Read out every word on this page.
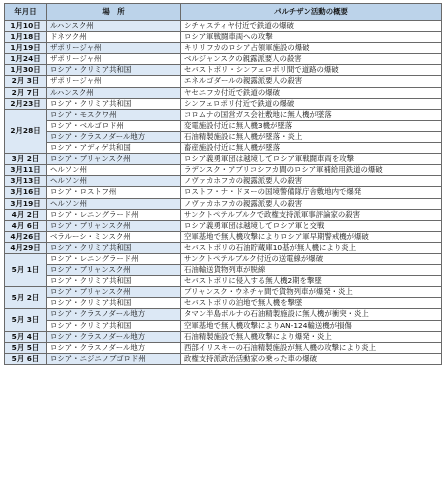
年月日	場　所	パルチザン活動の概要
1月10日	ルハンスク州	シチャスティヤ付近で鉄道の爆破
1月18日	ドネツク州	ロシア軍戦闘車両への攻撃
1月19日	ザポリージャ州	キリリフカのロシア占領軍施設の爆破
1月24日	ザポリージャ州	ベルジャンスクの親露派要人の殺害
1月30日	ロシア・クリミア共和国	セバストポリ・シンフェロポリ間で道路の爆破
2月 3日	ザポリージャ州	エネルゴダールの親露派要人の殺害
2月 7日	ルハンスク州	ヤセニフカ付近で鉄道の爆破
2月23日	ロシア・クリミア共和国	シンフェロポリ付近で鉄道の爆破
2月28日	ロシア・モスクワ州	コロムナの国営ガス会社敷地に無人機が墜落
	ロシア・ベルゴロド州	変電施設付近に無人機3機が墜落
	ロシア・クラスノダール地方	石油精製施設に無人機が墜落・炎上
	ロシア・アディゲ共和国	畜産施設付近に無人機が墜落
3月 2日	ロシア・ブリャンスク州	ロシア義勇軍団は越境してロシア軍戦闘車両を攻撃
3月11日	ヘルソン州	ラデンスク・アブリコシフカ間のロシア軍補給用鉄道の爆破
3月13日	ヘルソン州	ノヴァカホフカの親露派要人の殺害
3月16日	ロシア・ロストフ州	ロストフ・ナ・ドヌーの国境警備隊庁舎敷地内で爆発
3月19日	ヘルソン州	ノヴァカホフカの親露派要人の殺害
4月 2日	ロシア・レニングラード州	サンクトペテルブルクで政権支持派軍事評論家の殺害
4月 6日	ロシア・ブリャンスク州	ロシア義勇軍団は越境してロシア軍と交戦
4月26日	ベラルーシ・ミンスク州	空軍基地で無人機攻撃によりロシア軍早期警戒機が爆破
4月29日	ロシア・クリミア共和国	セバストポリの石油貯蔵庫10基が無人機により炎上
5月 1日	ロシア・レニングラード州	サンクトペテルブルク付近の送電線が爆破
	ロシア・ブリャンスク州	石油輸送貨物列車が脱線
	ロシア・クリミア共和国	セバストポリに侵入する無人機2期を撃墜
5月 2日	ロシア・ブリャンスク州	ブリャンスク・ウネチャ間で貨物列車が爆発・炎上
	ロシア・クリミア共和国	セバストポリの泊地で無人機を撃墜
5月 3日	ロシア・クラスノダール地方	タマン半島ボルナの石油精製施設に無人機が衝突・炎上
	ロシア・クリミア共和国	空軍基地で無人機攻撃によりAN-124輸送機が損傷
5月 4日	ロシア・クラスノダール地方	石油精製施設で無人機攻撃により爆発・炎上
5月 5日	ロシア・クラスノダール地方	西部イリスキーの石油精製施設が無人機の攻撃により炎上
5月 6日	ロシア・ニジニノブゴロド州	政権支持派政治活動家の乗った車の爆破
